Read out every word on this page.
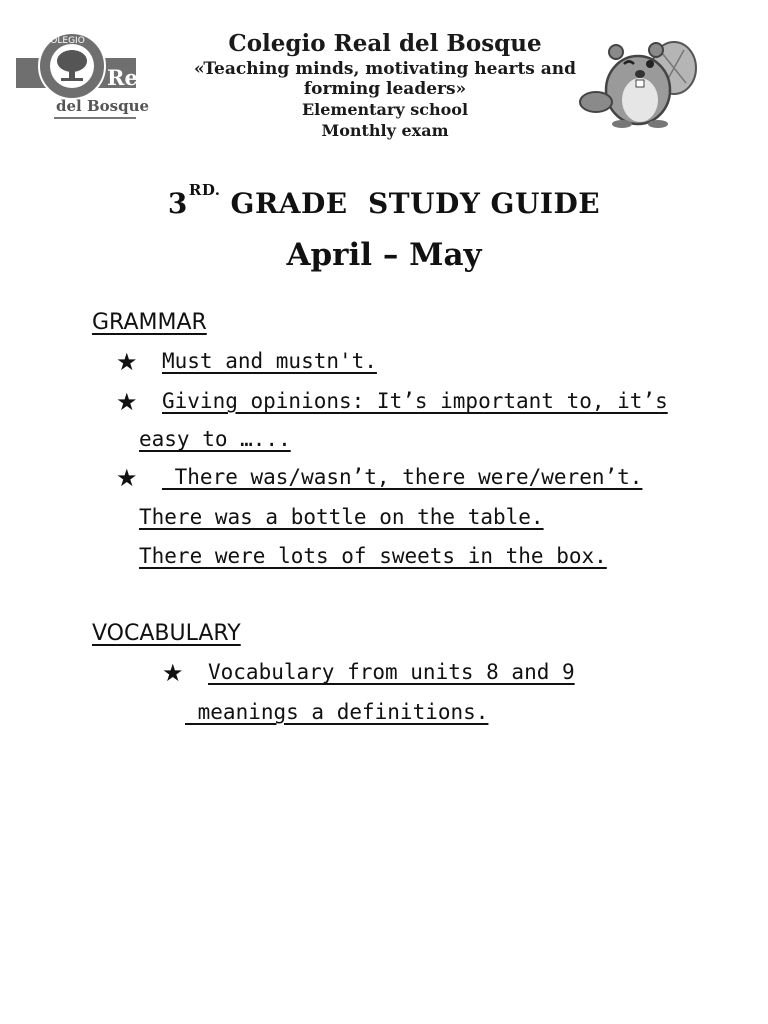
COLEGIO
Real
del Bosque
Colegio Real del Bosque
«Teaching minds, motivating hearts and forming leaders»
Elementary school
Monthly exam
$3^{RD.}$ GRADE  STUDY GUIDE
April – May
GRAMMAR
★ Must and mustn't.
★ Giving opinions: It’s important to, it’s
easy to …...
★ There was/wasn’t, there were/weren’t.
There was a bottle on the table.
There were lots of sweets in the box.
VOCABULARY
★ Vocabulary from units 8 and 9
meanings a definitions.
